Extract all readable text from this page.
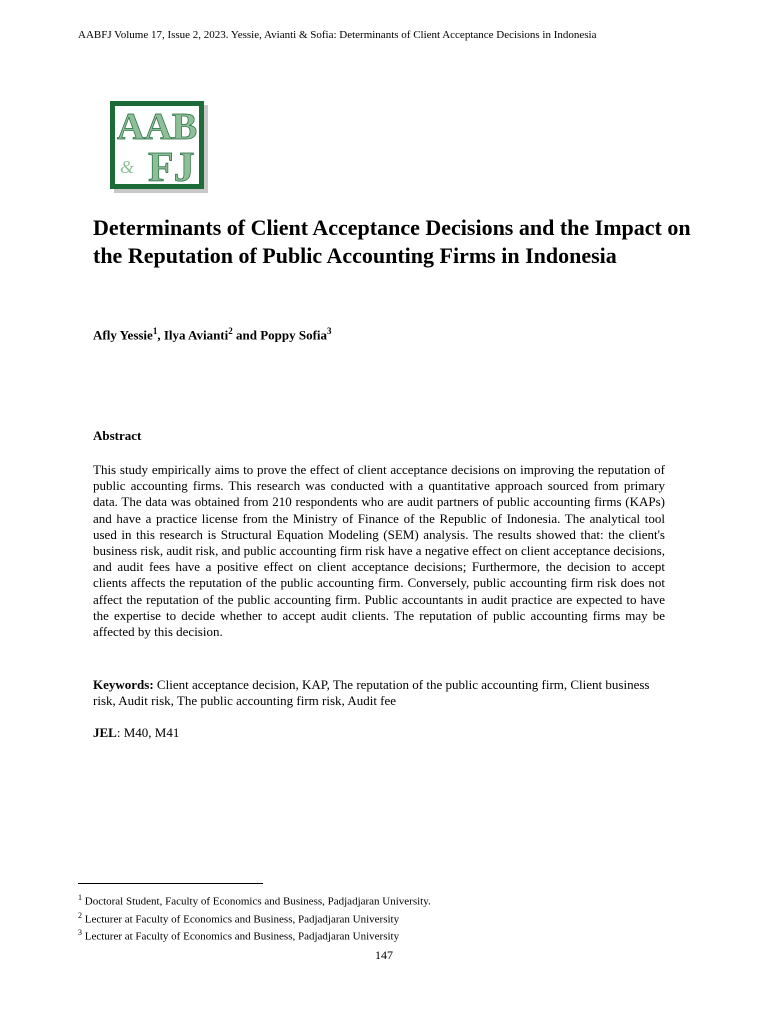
AABFJ Volume 17, Issue 2, 2023. Yessie, Avianti & Sofia: Determinants of Client Acceptance Decisions in Indonesia
AAB
FJ
&
Determinants of Client Acceptance Decisions and the Impact on the Reputation of Public Accounting Firms in Indonesia
Afly Yessie$^1$, Ilya Avianti$^2$ and Poppy Sofia$^3$
Abstract

This study empirically aims to prove the effect of client acceptance decisions on improving the reputation of public accounting firms. This research was conducted with a quantitative approach sourced from primary data. The data was obtained from 210 respondents who are audit partners of public accounting firms (KAPs) and have a practice license from the Ministry of Finance of the Republic of Indonesia. The analytical tool used in this research is Structural Equation Modeling (SEM) analysis. The results showed that: the client's business risk, audit risk, and public accounting firm risk have a negative effect on client acceptance decisions, and audit fees have a positive effect on client acceptance decisions; Furthermore, the decision to accept clients affects the reputation of the public accounting firm. Conversely, public accounting firm risk does not affect the reputation of the public accounting firm. Public accountants in audit practice are expected to have the expertise to decide whether to accept audit clients. The reputation of public accounting firms may be affected by this decision.

Keywords: Client acceptance decision, KAP, The reputation of the public accounting firm, Client business risk, Audit risk, The public accounting firm risk, Audit fee

JEL: M40, M41

$^1$ Doctoral Student, Faculty of Economics and Business, Padjadjaran University.
$^2$ Lecturer at Faculty of Economics and Business, Padjadjaran University
$^3$ Lecturer at Faculty of Economics and Business, Padjadjaran University
147
